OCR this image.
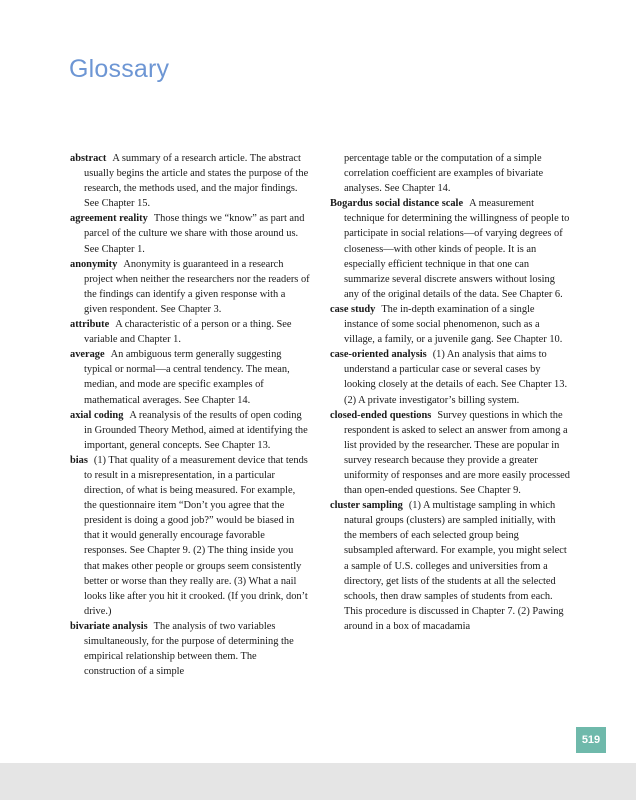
Glossary

abstract A summary of a research article. The abstract usually begins the article and states the purpose of the research, the methods used, and the major findings. See Chapter 15.

agreement reality Those things we “know” as part and parcel of the culture we share with those around us. See Chapter 1.

anonymity Anonymity is guaranteed in a research project when neither the researchers nor the readers of the findings can identify a given response with a given respondent. See Chapter 3.

attribute A characteristic of a person or a thing. See variable and Chapter 1.

average An ambiguous term generally suggesting typical or normal—a central tendency. The mean, median, and mode are specific examples of mathematical averages. See Chapter 14.

axial coding A reanalysis of the results of open coding in Grounded Theory Method, aimed at identifying the important, general concepts. See Chapter 13.

bias (1) That quality of a measurement device that tends to result in a misrepresentation, in a particular direction, of what is being measured. For example, the questionnaire item “Don’t you agree that the president is doing a good job?” would be biased in that it would generally encourage favorable responses. See Chapter 9. (2) The thing inside you that makes other people or groups seem consistently better or worse than they really are. (3) What a nail looks like after you hit it crooked. (If you drink, don’t drive.)

bivariate analysis The analysis of two variables simultaneously, for the purpose of determining the empirical relationship between them. The construction of a simple

percentage table or the computation of a simple correlation coefficient are examples of bivariate analyses. See Chapter 14.

Bogardus social distance scale A measurement technique for determining the willingness of people to participate in social relations—of varying degrees of closeness—with other kinds of people. It is an especially efficient technique in that one can summarize several discrete answers without losing any of the original details of the data. See Chapter 6.

case study The in-depth examination of a single instance of some social phenomenon, such as a village, a family, or a juvenile gang. See Chapter 10.

case-oriented analysis (1) An analysis that aims to understand a particular case or several cases by looking closely at the details of each. See Chapter 13. (2) A private investigator’s billing system.

closed-ended questions Survey questions in which the respondent is asked to select an answer from among a list provided by the researcher. These are popular in survey research because they provide a greater uniformity of responses and are more easily processed than open-ended questions. See Chapter 9.

cluster sampling (1) A multistage sampling in which natural groups (clusters) are sampled initially, with the members of each selected group being subsampled afterward. For example, you might select a sample of U.S. colleges and universities from a directory, get lists of the students at all the selected schools, then draw samples of students from each. This procedure is discussed in Chapter 7. (2) Pawing around in a box of macadamia

519
